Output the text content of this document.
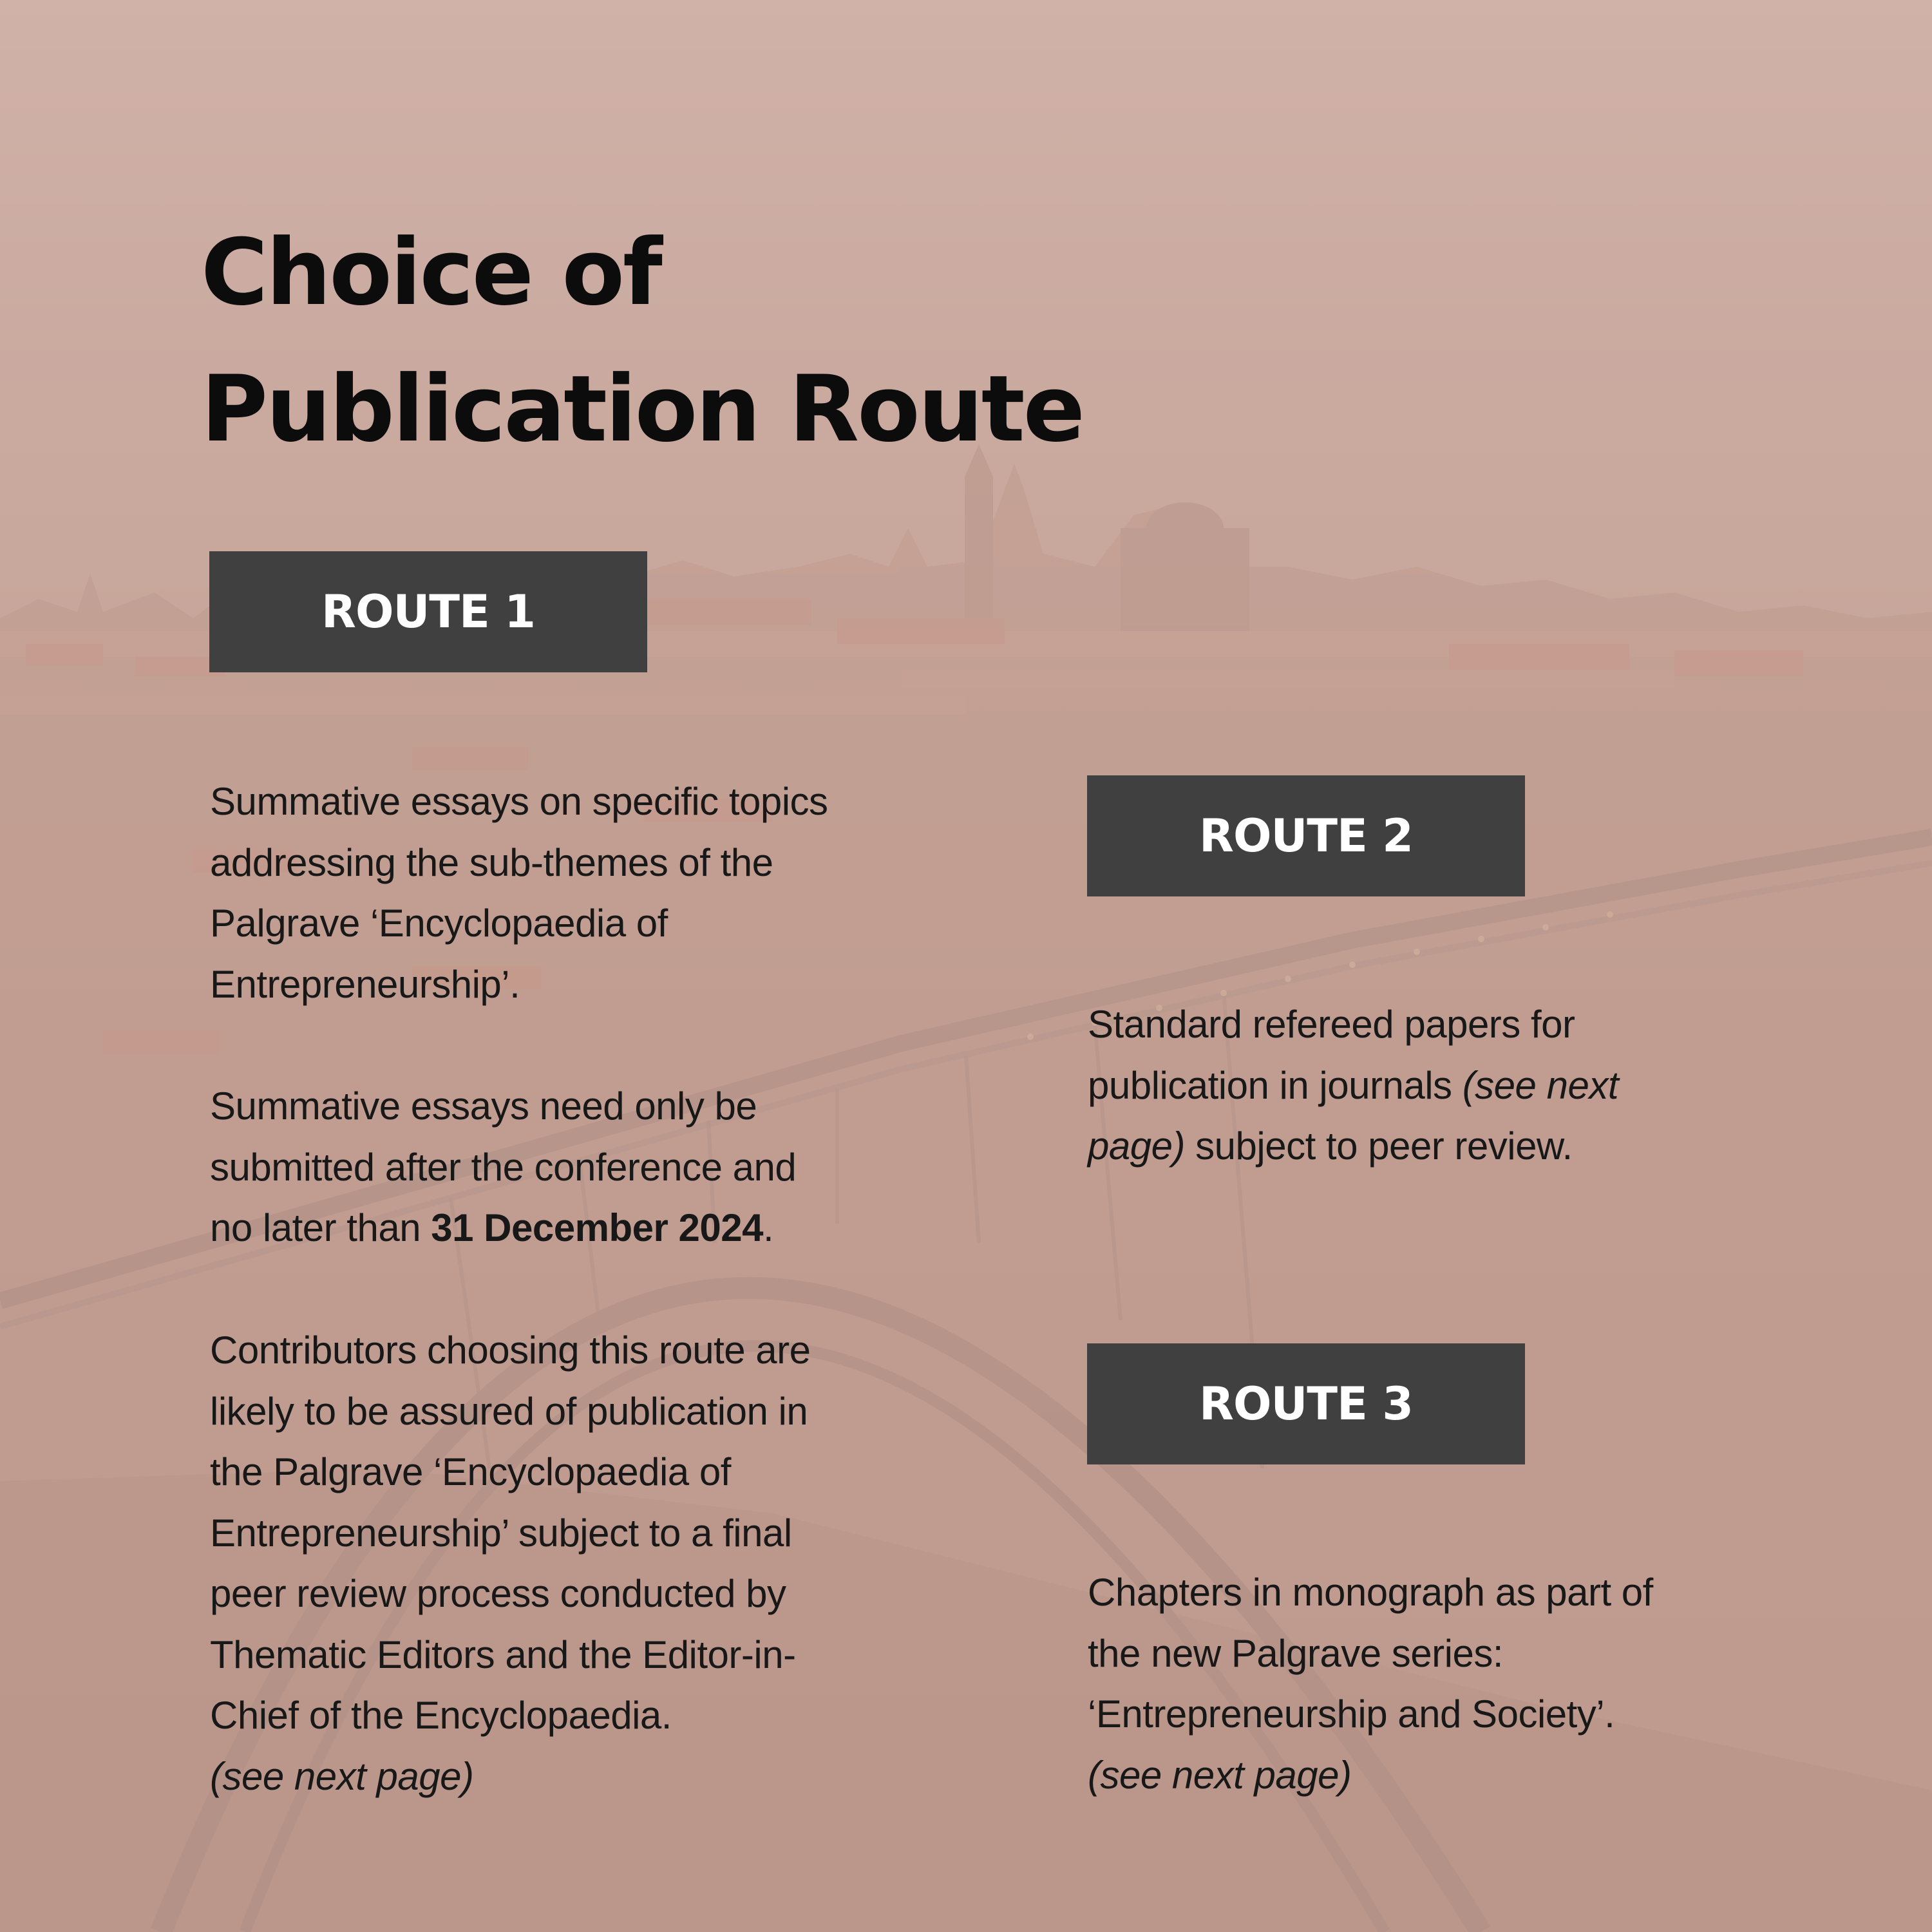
Choice of
Publication Route
ROUTE 1
ROUTE 2
ROUTE 3

Summative essays on specific topics
addressing the sub-themes of the
Palgrave ‘Encyclopaedia of
Entrepreneurship’.

Summative essays need only be
submitted after the conference and
no later than 31 December 2024.

Contributors choosing this route are
likely to be assured of publication in
the Palgrave ‘Encyclopaedia of
Entrepreneurship’ subject to a final
peer review process conducted by
Thematic Editors and the Editor-in-
Chief of the Encyclopaedia.
(see next page)

Standard refereed papers for
publication in journals (see next
page) subject to peer review.

Chapters in monograph as part of
the new Palgrave series:
‘Entrepreneurship and Society’.
(see next page)
